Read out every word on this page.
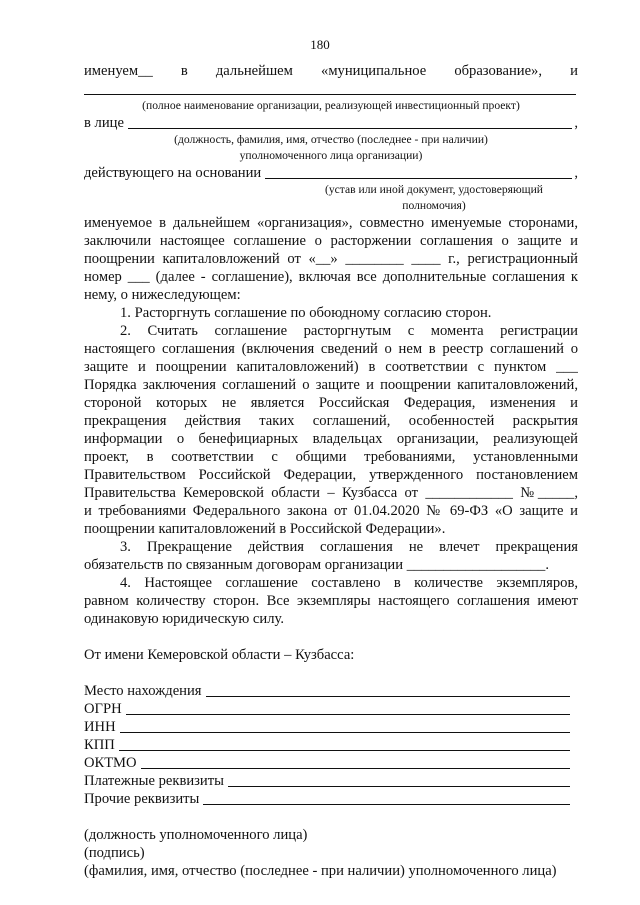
180
именуем__ в дальнейшем «муниципальное образование», и
(полное наименование организации, реализующей инвестиционный проект)
в лице	,
(должность, фамилия, имя, отчество (последнее - при наличии)
уполномоченного лица организации)
действующего на основании	,
(устав или иной документ, удостоверяющий
полномочия)
именуемое в дальнейшем «организация», совместно именуемые сторонами,
заключили настоящее соглашение о расторжении соглашения о защите и
поощрении капиталовложений от «__» ________ ____ г., регистрационный
номер ___ (далее - соглашение), включая все дополнительные соглашения к
нему, о нижеследующем:
1. Расторгнуть соглашение по обоюдному согласию сторон.
2. Считать соглашение расторгнутым с момента регистрации
настоящего соглашения (включения сведений о нем в реестр соглашений о
защите и поощрении капиталовложений) в соответствии с пунктом ___
Порядка заключения соглашений о защите и поощрении капиталовложений,
стороной которых не является Российская Федерация, изменения и
прекращения действия таких соглашений, особенностей раскрытия
информации о бенефициарных владельцах организации, реализующей
проект, в соответствии с общими требованиями, установленными
Правительством Российской Федерации, утвержденного постановлением
Правительства Кемеровской области – Кузбасса от ____________ №_____,
и требованиями Федерального закона от 01.04.2020 № 69-ФЗ «О защите и
поощрении капиталовложений в Российской Федерации».
3. Прекращение действия соглашения не влечет прекращения
обязательств по связанным договорам организации ___________________.
4. Настоящее соглашение составлено в количестве экземпляров,
равном количеству сторон. Все экземпляры настоящего соглашения имеют
одинаковую юридическую силу.
От имени Кемеровской области – Кузбасса:
Место нахождения
ОГРН
ИНН
КПП
ОКТМО
Платежные реквизиты
Прочие реквизиты
(должность уполномоченного лица)
(подпись)
(фамилия, имя, отчество (последнее - при наличии) уполномоченного лица)
